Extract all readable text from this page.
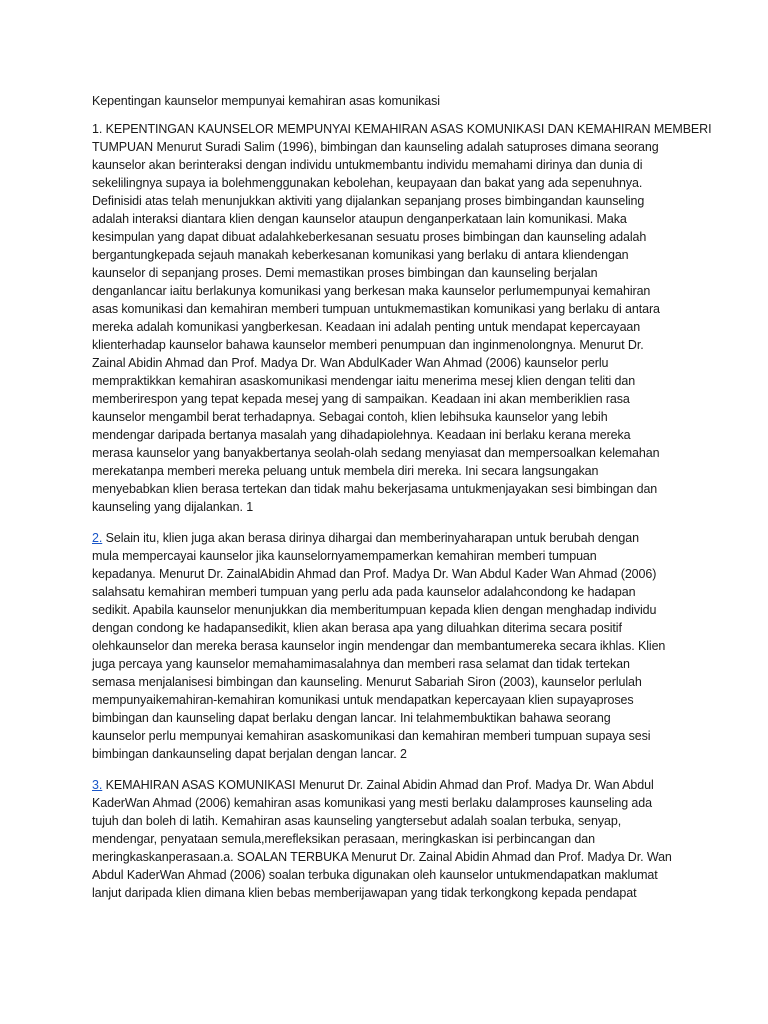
Kepentingan kaunselor mempunyai kemahiran asas komunikasi
1. KEPENTINGAN KAUNSELOR MEMPUNYAI KEMAHIRAN ASAS KOMUNIKASI DAN KEMAHIRAN MEMBERI
TUMPUAN Menurut Suradi Salim (1996), bimbingan dan kaunseling adalah satuproses dimana seorang
kaunselor akan berinteraksi dengan individu untukmembantu individu memahami dirinya dan dunia di
sekelilingnya supaya ia bolehmenggunakan kebolehan, keupayaan dan bakat yang ada sepenuhnya.
Definisidi atas telah menunjukkan aktiviti yang dijalankan sepanjang proses bimbingandan kaunseling
adalah interaksi diantara klien dengan kaunselor ataupun denganperkataan lain komunikasi. Maka
kesimpulan yang dapat dibuat adalahkeberkesanan sesuatu proses bimbingan dan kaunseling adalah
bergantungkepada sejauh manakah keberkesanan komunikasi yang berlaku di antara kliendengan
kaunselor di sepanjang proses. Demi memastikan proses bimbingan dan kaunseling berjalan
denganlancar iaitu berlakunya komunikasi yang berkesan maka kaunselor perlumempunyai kemahiran
asas komunikasi dan kemahiran memberi tumpuan untukmemastikan komunikasi yang berlaku di antara
mereka adalah komunikasi yangberkesan. Keadaan ini adalah penting untuk mendapat kepercayaan
klienterhadap kaunselor bahawa kaunselor memberi penumpuan dan inginmenolongnya. Menurut Dr.
Zainal Abidin Ahmad dan Prof. Madya Dr. Wan AbdulKader Wan Ahmad (2006) kaunselor perlu
mempraktikkan kemahiran asaskomunikasi mendengar iaitu menerima mesej klien dengan teliti dan
memberirespon yang tepat kepada mesej yang di sampaikan. Keadaan ini akan memberiklien rasa
kaunselor mengambil berat terhadapnya. Sebagai contoh, klien lebihsuka kaunselor yang lebih
mendengar daripada bertanya masalah yang dihadapiolehnya. Keadaan ini berlaku kerana mereka
merasa kaunselor yang banyakbertanya seolah-olah sedang menyiasat dan mempersoalkan kelemahan
merekatanpa memberi mereka peluang untuk membela diri mereka. Ini secara langsungakan
menyebabkan klien berasa tertekan dan tidak mahu bekerjasama untukmenjayakan sesi bimbingan dan
kaunseling yang dijalankan. 1
2. Selain itu, klien juga akan berasa dirinya dihargai dan memberinyaharapan untuk berubah dengan
mula mempercayai kaunselor jika kaunselornyamempamerkan kemahiran memberi tumpuan
kepadanya. Menurut Dr. ZainalAbidin Ahmad dan Prof. Madya Dr. Wan Abdul Kader Wan Ahmad (2006)
salahsatu kemahiran memberi tumpuan yang perlu ada pada kaunselor adalahcondong ke hadapan
sedikit. Apabila kaunselor menunjukkan dia memberitumpuan kepada klien dengan menghadap individu
dengan condong ke hadapansedikit, klien akan berasa apa yang diluahkan diterima secara positif
olehkaunselor dan mereka berasa kaunselor ingin mendengar dan membantumereka secara ikhlas. Klien
juga percaya yang kaunselor memahamimasalahnya dan memberi rasa selamat dan tidak tertekan
semasa menjalanisesi bimbingan dan kaunseling. Menurut Sabariah Siron (2003), kaunselor perlulah
mempunyaikemahiran-kemahiran komunikasi untuk mendapatkan kepercayaan klien supayaproses
bimbingan dan kaunseling dapat berlaku dengan lancar. Ini telahmembuktikan bahawa seorang
kaunselor perlu mempunyai kemahiran asaskomunikasi dan kemahiran memberi tumpuan supaya sesi
bimbingan dankaunseling dapat berjalan dengan lancar. 2
3. KEMAHIRAN ASAS KOMUNIKASI Menurut Dr. Zainal Abidin Ahmad dan Prof. Madya Dr. Wan Abdul
KaderWan Ahmad (2006) kemahiran asas komunikasi yang mesti berlaku dalamproses kaunseling ada
tujuh dan boleh di latih. Kemahiran asas kaunseling yangtersebut adalah soalan terbuka, senyap,
mendengar, penyataan semula,merefleksikan perasaan, meringkaskan isi perbincangan dan
meringkaskanperasaan.a. SOALAN TERBUKA Menurut Dr. Zainal Abidin Ahmad dan Prof. Madya Dr. Wan
Abdul KaderWan Ahmad (2006) soalan terbuka digunakan oleh kaunselor untukmendapatkan maklumat
lanjut daripada klien dimana klien bebas memberijawapan yang tidak terkongkong kepada pendapat
